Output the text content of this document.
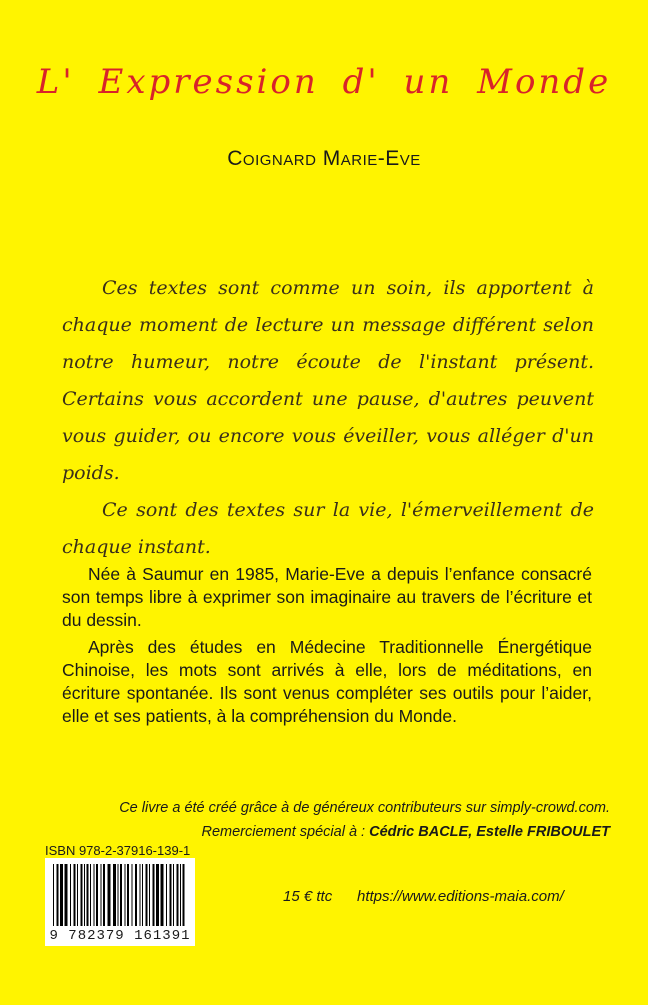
L' Expression d' un Monde
Coignard Marie-Eve

Ces textes sont comme un soin, ils apportent à chaque moment de lecture un message différent selon notre humeur, notre écoute de l'instant présent. Certains vous accordent une pause, d'autres peuvent vous guider, ou encore vous éveiller, vous alléger d'un poids.

Ce sont des textes sur la vie, l'émerveillement de chaque instant.

Née à Saumur en 1985, Marie-Eve a depuis l’enfance consacré son temps libre à exprimer son imaginaire au travers de l’écriture et du dessin.

Après des études en Médecine Traditionnelle Énergétique Chinoise, les mots sont arrivés à elle, lors de méditations, en écriture spontanée. Ils sont venus compléter ses outils pour l’aider, elle et ses patients, à la compréhension du Monde.

Ce livre a été créé grâce à de généreux contributeurs sur simply-crowd.com.
Remerciement spécial à : Cédric BACLE, Estelle FRIBOULET
ISBN 978-2-37916-139-1
9 782379 161391
15 € ttc https://www.editions-maia.com/
